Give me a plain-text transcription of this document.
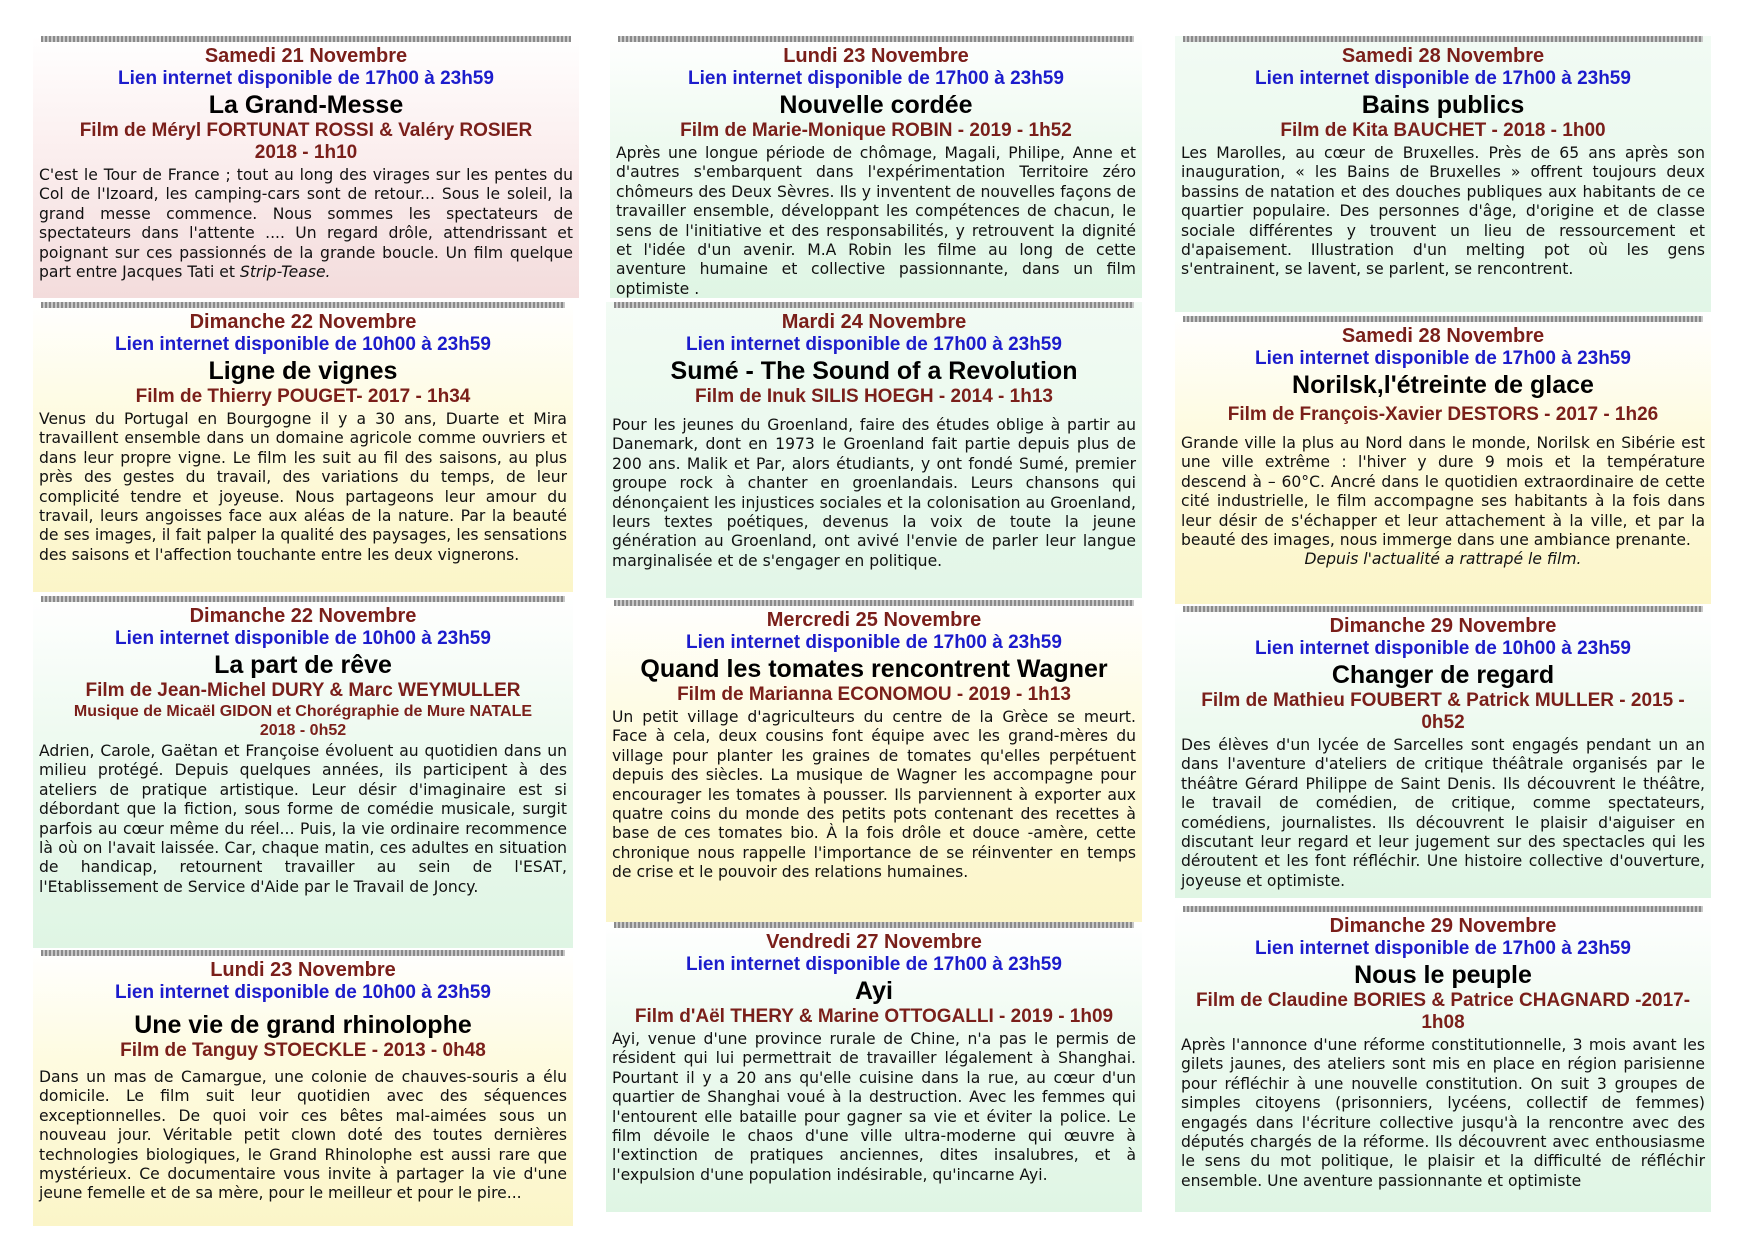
Samedi 21 Novembre
Lien internet disponible de 17h00 à 23h59
La Grand-Messe
Film de Méryl FORTUNAT ROSSI & Valéry ROSIER
2018 - 1h10
C'est le Tour de France ; tout au long des virages sur les pentes du Col de l'Izoard, les camping-cars sont de retour... Sous le soleil, la grand messe commence. Nous sommes les spectateurs de spectateurs dans l'attente .... Un regard drôle, attendrissant et poignant sur ces passionnés de la grande boucle. Un film quelque part entre Jacques Tati et Strip-Tease.
Dimanche 22 Novembre
Lien internet disponible de 10h00 à 23h59
Ligne de vignes
Film de Thierry POUGET- 2017 - 1h34
Venus du Portugal en Bourgogne il y a 30 ans, Duarte et Mira travaillent ensemble dans un domaine agricole comme ouvriers et dans leur propre vigne. Le film les suit au fil des saisons, au plus près des gestes du travail, des variations du temps, de leur complicité tendre et joyeuse. Nous partageons leur amour du travail, leurs angoisses face aux aléas de la nature. Par la beauté de ses images, il fait palper la qualité des paysages, les sensations des saisons et l'affection touchante entre les deux vignerons.
Dimanche 22 Novembre
Lien internet disponible de 10h00 à 23h59
La part de rêve
Film de Jean-Michel DURY & Marc WEYMULLER
Musique de Micaël GIDON et Chorégraphie de Mure NATALE
2018 - 0h52
Adrien, Carole, Gaëtan et Françoise évoluent au quotidien dans un milieu protégé. Depuis quelques années, ils participent à des ateliers de pratique artistique. Leur désir d'imaginaire est si débordant que la fiction, sous forme de comédie musicale, surgit parfois au cœur même du réel... Puis, la vie ordinaire recommence là où on l'avait laissée. Car, chaque matin, ces adultes en situation de handicap, retournent travailler au sein de l'ESAT, l'Etablissement de Service d'Aide par le Travail de Joncy.
Lundi 23 Novembre
Lien internet disponible de 10h00 à 23h59
Une vie de grand rhinolophe
Film de Tanguy STOECKLE - 2013 - 0h48
Dans un mas de Camargue, une colonie de chauves-souris a élu domicile. Le film suit leur quotidien avec des séquences exceptionnelles. De quoi voir ces bêtes mal-aimées sous un nouveau jour. Véritable petit clown doté des toutes dernières technologies biologiques, le Grand Rhinolophe est aussi rare que mystérieux. Ce documentaire vous invite à partager la vie d'une jeune femelle et de sa mère, pour le meilleur et pour le pire...
Lundi 23 Novembre
Lien internet disponible de 17h00 à 23h59
Nouvelle cordée
Film de Marie-Monique ROBIN - 2019 - 1h52
Après une longue période de chômage, Magali, Philipe, Anne et d'autres s'embarquent dans l'expérimentation Territoire zéro chômeurs des Deux Sèvres. Ils y inventent de nouvelles façons de travailler ensemble, développant les compétences de chacun, le sens de l'initiative et des responsabilités, y retrouvent la dignité et l'idée d'un avenir. M.A Robin les filme au long de cette aventure humaine et collective passionnante, dans un film optimiste .
Mardi 24 Novembre
Lien internet disponible de 17h00 à 23h59
Sumé - The Sound of a Revolution
Film de Inuk SILIS HOEGH - 2014 - 1h13
Pour les jeunes du Groenland, faire des études oblige à partir au Danemark, dont en 1973 le Groenland fait partie depuis plus de 200 ans. Malik et Par, alors étudiants, y ont fondé Sumé, premier groupe rock à chanter en groenlandais. Leurs chansons qui dénonçaient les injustices sociales et la colonisation au Groenland, leurs textes poétiques, devenus la voix de toute la jeune génération au Groenland, ont avivé l'envie de parler leur langue marginalisée et de s'engager en politique.
Mercredi 25 Novembre
Lien internet disponible de 17h00 à 23h59
Quand les tomates rencontrent Wagner
Film de Marianna ECONOMOU - 2019 - 1h13
Un petit village d'agriculteurs du centre de la Grèce se meurt. Face à cela, deux cousins font équipe avec les grand-mères du village pour planter les graines de tomates qu'elles perpétuent depuis des siècles. La musique de Wagner les accompagne pour encourager les tomates à pousser. Ils parviennent à exporter aux quatre coins du monde des petits pots contenant des recettes à base de ces tomates bio. À la fois drôle et douce -amère, cette chronique nous rappelle l'importance de se réinventer en temps de crise et le pouvoir des relations humaines.
Vendredi 27 Novembre
Lien internet disponible de 17h00 à 23h59
Ayi
Film d'Aël THERY & Marine OTTOGALLI - 2019 - 1h09
Ayi, venue d'une province rurale de Chine, n'a pas le permis de résident qui lui permettrait de travailler légalement à Shanghai. Pourtant il y a 20 ans qu'elle cuisine dans la rue, au cœur d'un quartier de Shanghai voué à la destruction. Avec les femmes qui l'entourent elle bataille pour gagner sa vie et éviter la police. Le film dévoile le chaos d'une ville ultra-moderne qui œuvre à l'extinction de pratiques anciennes, dites insalubres, et à l'expulsion d'une population indésirable, qu'incarne Ayi.
Samedi 28 Novembre
Lien internet disponible de 17h00 à 23h59
Bains publics
Film de Kita BAUCHET - 2018 - 1h00
Les Marolles, au cœur de Bruxelles. Près de 65 ans après son inauguration, « les Bains de Bruxelles » offrent toujours deux bassins de natation et des douches publiques aux habitants de ce quartier populaire. Des personnes d'âge, d'origine et de classe sociale différentes y trouvent un lieu de ressourcement et d'apaisement. Illustration d'un melting pot où les gens s'entrainent, se lavent, se parlent, se rencontrent.
Samedi 28 Novembre
Lien internet disponible de 17h00 à 23h59
Norilsk,l'étreinte de glace
Film de François-Xavier DESTORS - 2017 - 1h26
Grande ville la plus au Nord dans le monde, Norilsk en Sibérie est une ville extrême : l'hiver y dure 9 mois et la température descend à – 60°C. Ancré dans le quotidien extraordinaire de cette cité industrielle, le film accompagne ses habitants à la fois dans leur désir de s'échapper et leur attachement à la ville, et par la beauté des images, nous immerge dans une ambiance prenante.
Depuis l'actualité a rattrapé le film.
Dimanche 29 Novembre
Lien internet disponible de 10h00 à 23h59
Changer de regard
Film de Mathieu FOUBERT & Patrick MULLER - 2015 - 0h52
Des élèves d'un lycée de Sarcelles sont engagés pendant un an dans l'aventure d'ateliers de critique théâtrale organisés par le théâtre Gérard Philippe de Saint Denis. Ils découvrent le théâtre, le travail de comédien, de critique, comme spectateurs, comédiens, journalistes. Ils découvrent le plaisir d'aiguiser en discutant leur regard et leur jugement sur des spectacles qui les déroutent et les font réfléchir. Une histoire collective d'ouverture, joyeuse et optimiste.
Dimanche 29 Novembre
Lien internet disponible de 17h00 à 23h59
Nous le peuple
Film de Claudine BORIES & Patrice CHAGNARD -2017-1h08
Après l'annonce d'une réforme constitutionnelle, 3 mois avant les gilets jaunes, des ateliers sont mis en place en région parisienne pour réfléchir à une nouvelle constitution. On suit 3 groupes de simples citoyens (prisonniers, lycéens, collectif de femmes) engagés dans l'écriture collective jusqu'à la rencontre avec des députés chargés de la réforme. Ils découvrent avec enthousiasme le sens du mot politique, le plaisir et la difficulté de réfléchir ensemble. Une aventure passionnante et optimiste
